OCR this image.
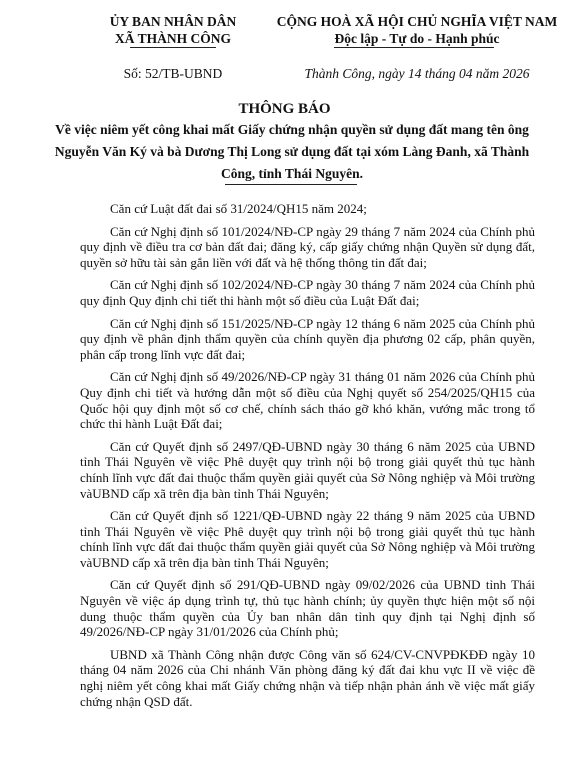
ỦY BAN NHÂN DÂN
XÃ THÀNH CÔNG
CỘNG HOÀ XÃ HỘI CHỦ NGHĨA VIỆT NAM
Độc lập - Tự do - Hạnh phúc
Số: 52/TB-UBND	Thành Công, ngày 14 tháng 04 năm 2026
THÔNG BÁO
Về việc niêm yết công khai mất Giấy chứng nhận quyền sử dụng đất mang tên ông Nguyễn Văn Ký và bà Dương Thị Long sử dụng đất tại xóm Làng Đanh, xã Thành Công, tỉnh Thái Nguyên.

Căn cứ Luật đất đai số 31/2024/QH15 năm 2024;

Căn cứ Nghị định số 101/2024/NĐ-CP ngày 29 tháng 7 năm 2024 của Chính phủ quy định về điều tra cơ bản đất đai; đăng ký, cấp giấy chứng nhận Quyền sử dụng đất, quyền sở hữu tài sản gắn liền với đất và hệ thống thông tin đất đai;

Căn cứ Nghị định số 102/2024/NĐ-CP ngày 30 tháng 7 năm 2024 của Chính phủ quy định Quy định chi tiết thi hành một số điều của Luật Đất đai;

Căn cứ Nghị định số 151/2025/NĐ-CP ngày 12 tháng 6 năm 2025 của Chính phủ quy định về phân định thẩm quyền của chính quyền địa phương 02 cấp, phân quyền, phân cấp trong lĩnh vực đất đai;

Căn cứ Nghị định số 49/2026/NĐ-CP ngày 31 tháng 01 năm 2026 của Chính phủ Quy định chi tiết và hướng dẫn một số điều của Nghị quyết số 254/2025/QH15 của Quốc hội quy định một số cơ chế, chính sách tháo gỡ khó khăn, vướng mắc trong tổ chức thi hành Luật Đất đai;

Căn cứ Quyết định số 2497/QĐ-UBND ngày 30 tháng 6 năm 2025 của UBND tỉnh Thái Nguyên về việc Phê duyệt quy trình nội bộ trong giải quyết thủ tục hành chính lĩnh vực đất đai thuộc thẩm quyền giải quyết của Sở Nông nghiệp và Môi trường vàUBND cấp xã trên địa bàn tỉnh Thái Nguyên;

Căn cứ Quyết định số 1221/QĐ-UBND ngày 22 tháng 9 năm 2025 của UBND tỉnh Thái Nguyên về việc Phê duyệt quy trình nội bộ trong giải quyết thủ tục hành chính lĩnh vực đất đai thuộc thẩm quyền giải quyết của Sở Nông nghiệp và Môi trường vàUBND cấp xã trên địa bàn tỉnh Thái Nguyên;

Căn cứ Quyết định số 291/QĐ-UBND ngày 09/02/2026 của UBND tỉnh Thái Nguyên về việc áp dụng trình tự, thủ tục hành chính; ủy quyền thực hiện một số nội dung thuộc thẩm quyền của Ủy ban nhân dân tỉnh quy định tại Nghị định số 49/2026/NĐ-CP ngày 31/01/2026 của Chính phủ;

UBND xã Thành Công nhận được Công văn số 624/CV-CNVPĐKĐĐ ngày 10 tháng 04 năm 2026 của Chi nhánh Văn phòng đăng ký đất đai khu vực II về việc đề nghị niêm yết công khai mất Giấy chứng nhận và tiếp nhận phản ánh về việc mất giấy chứng nhận QSD đất.
